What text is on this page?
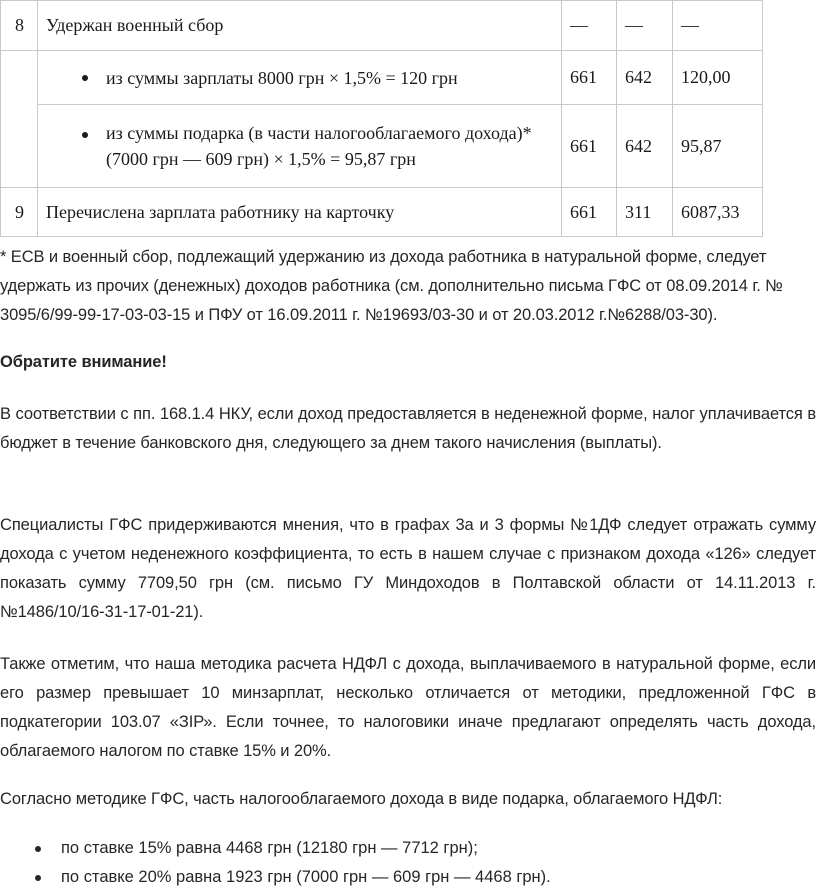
8	Удержан военный сбор	—	—	—

из суммы зарплаты 8000 грн × 1,5% = 120 грн	661	642	120,00

из суммы подарка (в части налогооблагаемого дохода)* (7000 грн — 609 грн) × 1,5% = 95,87 грн	661	642	95,87
9	Перечислена зарплата работнику на карточку	661	311	6087,33
* ЕСВ и военный сбор, подлежащий удержанию из дохода работника в натуральной форме, следует удержать из прочих (денежных) доходов работника (см. дополнительно письма ГФС от 08.09.2014 г. № 3095/6/99-99-17-03-03-15 и ПФУ от 16.09.2011 г. №19693/03-30 и от 20.03.2012 г.№6288/03-30).
Обратите внимание!
В соответствии с пп. 168.1.4 НКУ, если доход предоставляется в неденежной форме, налог уплачивается в бюджет в течение банковского дня, следующего за днем такого начисления (выплаты).
Специалисты ГФС придерживаются мнения, что в графах 3а и 3 формы №1ДФ следует отражать сумму дохода с учетом неденежного коэффициента, то есть в нашем случае с признаком дохода «126» следует показать сумму 7709,50 грн (см. письмо ГУ Миндоходов в Полтавской области от 14.11.2013 г. №1486/10/16-31-17-01-21).
Также отметим, что наша методика расчета НДФЛ с дохода, выплачиваемого в натуральной форме, если его размер превышает 10 минзарплат, несколько отличается от методики, предложенной ГФС в подкатегории 103.07 «ЗІР». Если точнее, то налоговики иначе предлагают определять часть дохода, облагаемого налогом по ставке 15% и 20%.
Согласно методике ГФС, часть налогооблагаемого дохода в виде подарка, облагаемого НДФЛ:
по ставке 15% равна 4468 грн (12180 грн — 7712 грн);
по ставке 20% равна 1923 грн (7000 грн — 609 грн — 4468 грн).
